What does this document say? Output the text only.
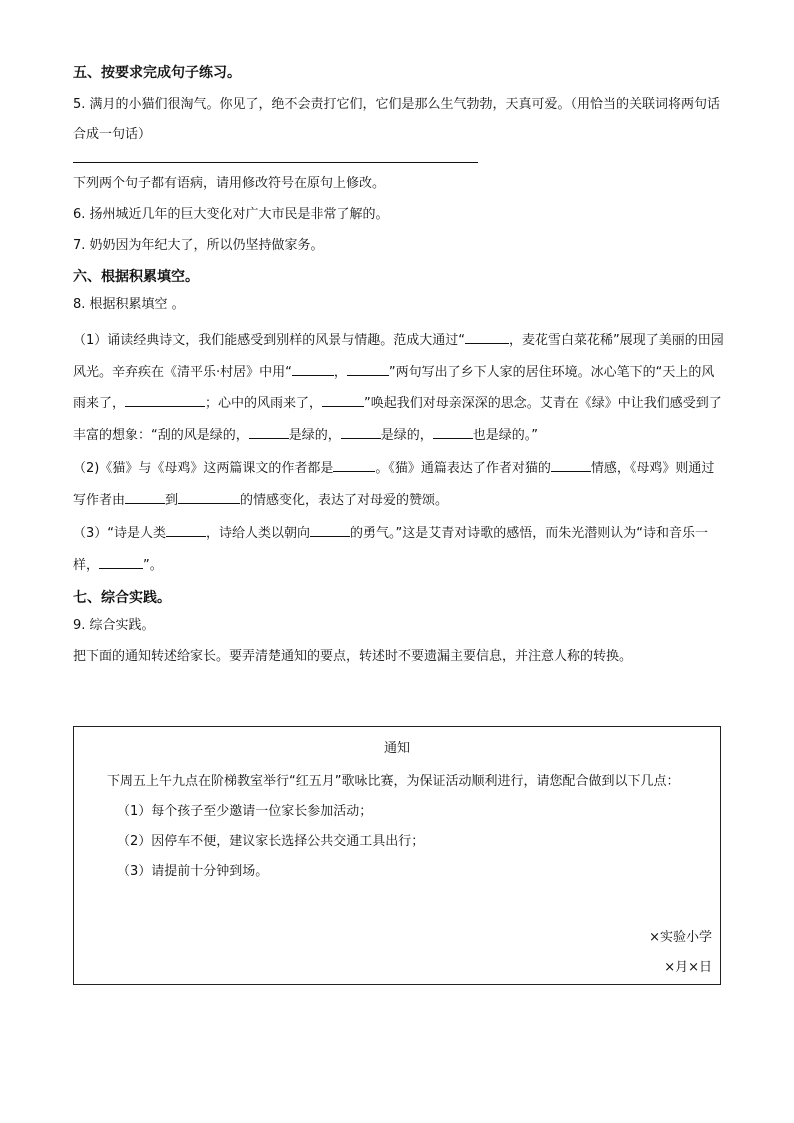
五、按要求完成句子练习。
5. 满月的小猫们很淘气。你见了，绝不会责打它们，它们是那么生气勃勃，天真可爱。（用恰当的关联词将两句话合成一句话）
下列两个句子都有语病，请用修改符号在原句上修改。
6. 扬州城近几年的巨大变化对广大市民是非常了解的。
7. 奶奶因为年纪大了，所以仍坚持做家务。
六、根据积累填空。
8. 根据积累填空 。
（1）诵读经典诗文，我们能感受到别样的风景与情趣。范成大通过“	，麦花雪白菜花稀”展现了美丽的田园风光。辛弃疾在《清平乐·村居》中用“	，	”两句写出了乡下人家的居住环境。冰心笔下的“天上的风雨来了，	；心中的风雨来了，	”唤起我们对母亲深深的思念。艾青在《绿》中让我们感受到了丰富的想象：“刮的风是绿的，	是绿的，	是绿的，	也是绿的。”
（2)《猫》与《母鸡》这两篇课文的作者都是	。《猫》通篇表达了作者对猫的	情感，《母鸡》则通过写作者由	到	的情感变化，表达了对母爱的赞颂。
（3）“诗是人类	，诗给人类以朝向	的勇气。”这是艾青对诗歌的感悟，而朱光潜则认为“诗和音乐一样，	”。
七、综合实践。
9. 综合实践。
把下面的通知转述给家长。要弄清楚通知的要点，转述时不要遗漏主要信息，并注意人称的转换。
通知
下周五上午九点在阶梯教室举行“红五月”歌咏比赛，为保证活动顺利进行，请您配合做到以下几点：
（1）每个孩子至少邀请一位家长参加活动；
（2）因停车不便，建议家长选择公共交通工具出行；
（3）请提前十分钟到场。
×实验小学
×月×日
